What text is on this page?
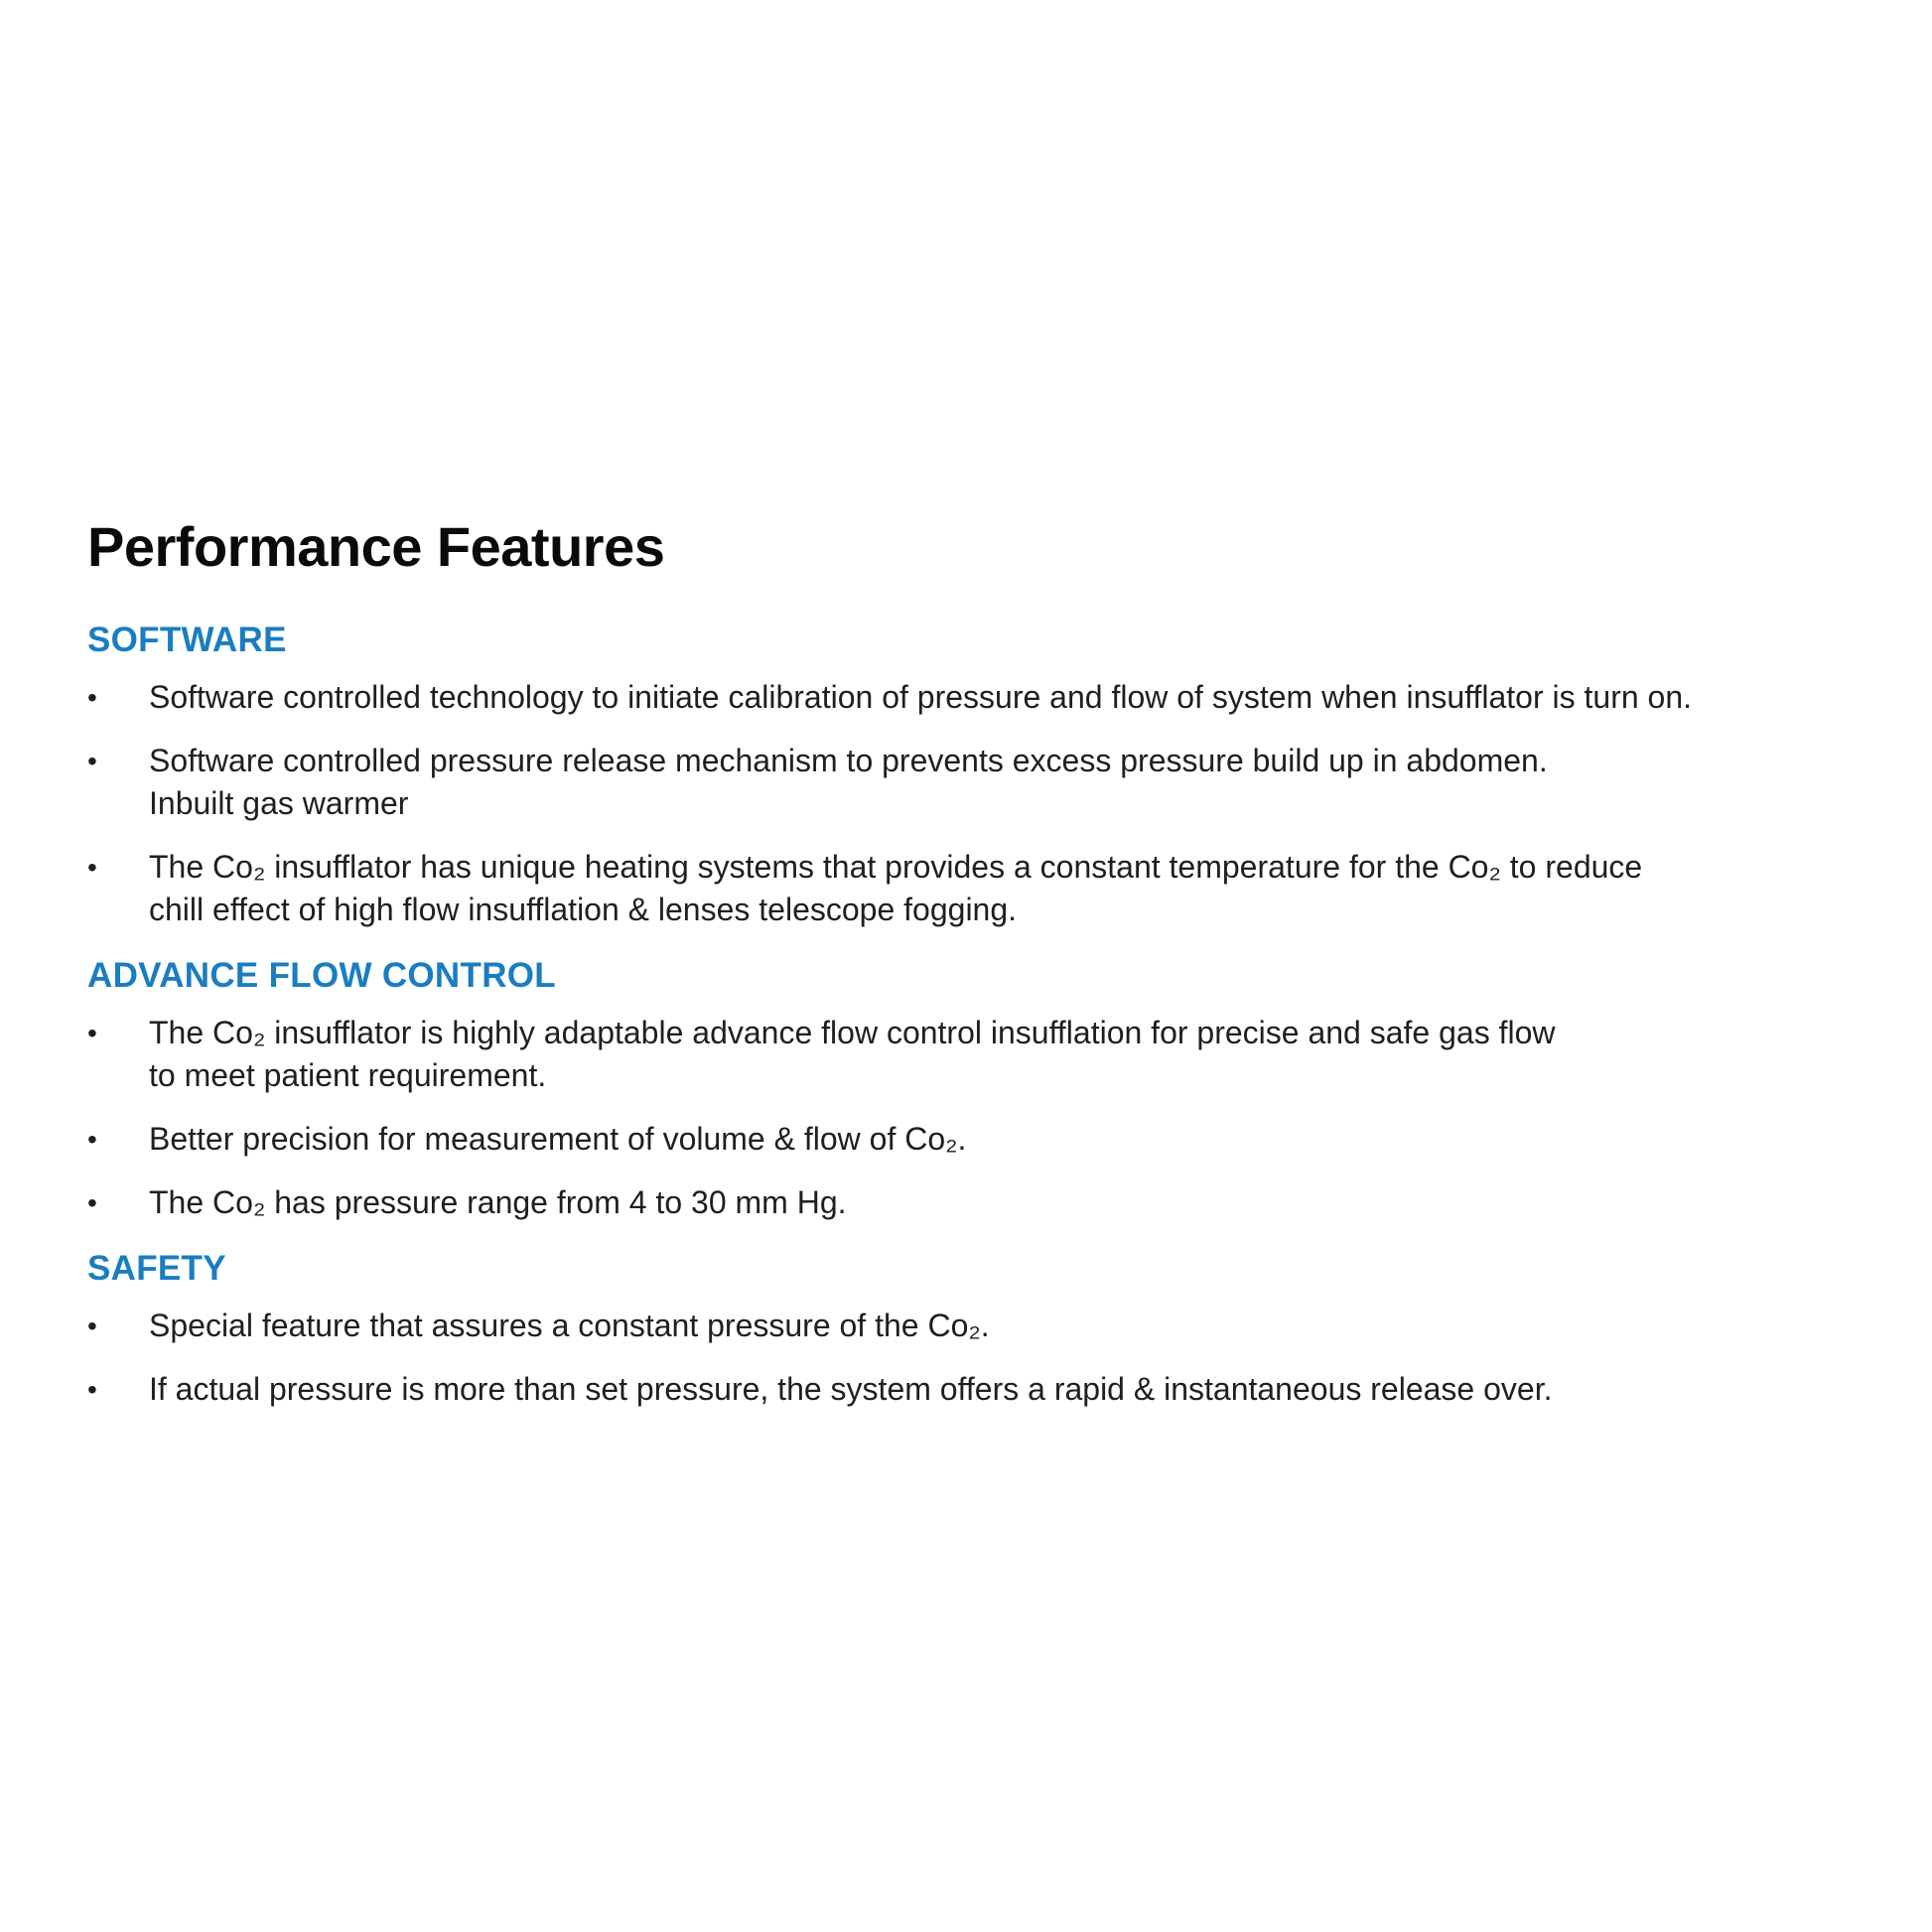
Performance Features
SOFTWARE
• Software controlled technology to initiate calibration of pressure and flow of system when insufflator is turn on.
• Software controlled pressure release mechanism to prevents excess pressure build up in abdomen.
Inbuilt gas warmer
• The Co₂ insufflator has unique heating systems that provides a constant temperature for the Co₂ to reduce
chill effect of high flow insufflation & lenses telescope fogging.
ADVANCE FLOW CONTROL
• The Co₂ insufflator is highly adaptable advance flow control insufflation for precise and safe gas flow
to meet patient requirement.
• Better precision for measurement of volume & flow of Co₂.
• The Co₂ has pressure range from 4 to 30 mm Hg.
SAFETY
• Special feature that assures a constant pressure of the Co₂.
• If actual pressure is more than set pressure, the system offers a rapid & instantaneous release over.
